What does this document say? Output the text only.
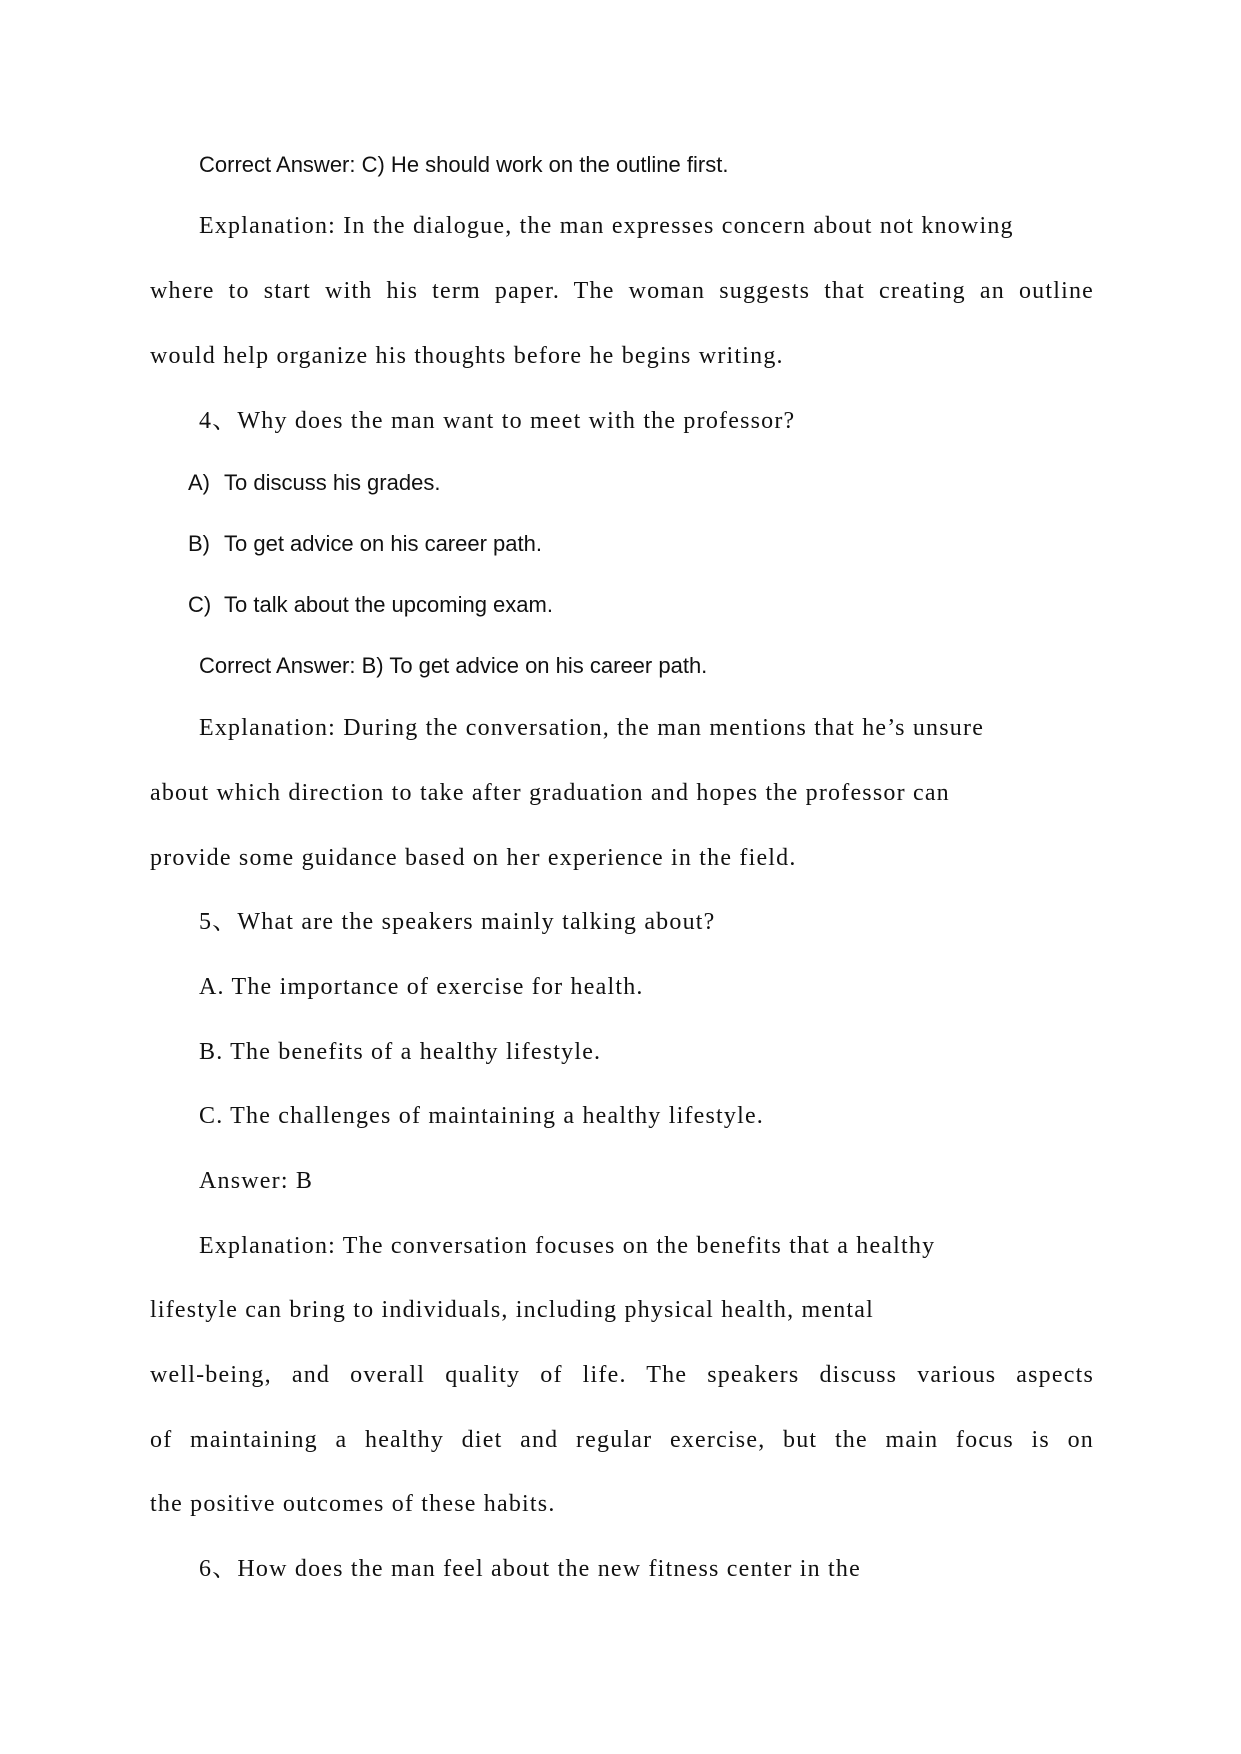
Correct Answer: C) He should work on the outline first.
Explanation: In the dialogue, the man expresses concern about not knowing
where to start with his term paper. The woman suggests that creating an outline
would help organize his thoughts before he begins writing.
4、Why does the man want to meet with the professor?
A) To discuss his grades.
B) To get advice on his career path.
C) To talk about the upcoming exam.
Correct Answer: B) To get advice on his career path.
Explanation: During the conversation, the man mentions that he’s unsure
about which direction to take after graduation and hopes the professor can
provide some guidance based on her experience in the field.
5、What are the speakers mainly talking about?
A. The importance of exercise for health.
B. The benefits of a healthy lifestyle.
C. The challenges of maintaining a healthy lifestyle.
Answer: B
Explanation: The conversation focuses on the benefits that a healthy
lifestyle can bring to individuals, including physical health, mental
well-being, and overall quality of life. The speakers discuss various aspects
of maintaining a healthy diet and regular exercise, but the main focus is on
the positive outcomes of these habits.
6、How does the man feel about the new fitness center in the
